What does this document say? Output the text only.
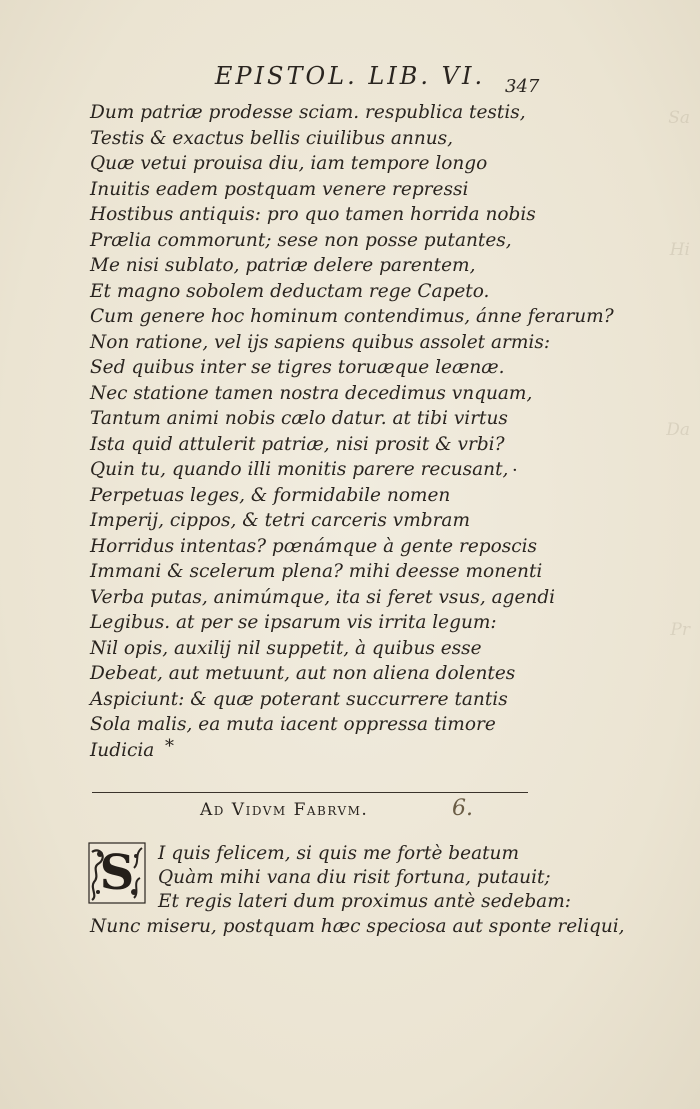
EPISTOL. LIB. VI.	347
Sa
Hi
Da
Pr
Dum patriæ prodesse sciam. respublica testis,
Testis & exactus bellis ciuilibus annus,
Quæ vetui prouisa diu, iam tempore longo
Inuitis eadem postquam venere repressi
Hostibus antiquis: pro quo tamen horrida nobis
Prælia commorunt; sese non posse putantes,
Me nisi sublato, patriæ delere parentem,
Et magno sobolem deductam rege Capeto.
Cum genere hoc hominum contendimus, ánne ferarum?
Non ratione, vel ijs sapiens quibus assolet armis:
Sed quibus inter se tigres toruæque leænæ.
Nec statione tamen nostra decedimus vnquam,
Tantum animi nobis cælo datur. at tibi virtus
Ista quid attulerit patriæ, nisi prosit & vrbi?
Quin tu, quando illi monitis parere recusant,
Perpetuas leges, & formidabile nomen
Imperij, cippos, & tetri carceris vmbram
Horridus intentas? pœnámque à gente reposcis
Immani & scelerum plena? mihi deesse monenti
Verba putas, animúmque, ita si feret vsus, agendi
Legibus. at per se ipsarum vis irrita legum:
Nil opis, auxilij nil suppetit, à quibus esse
Debeat, aut metuunt, aut non aliena dolentes
Aspiciunt: & quæ poterant succurrere tantis
Sola malis, ea muta iacent oppressa timore
Iudicia *
·
Ad Vidvm Fabrvm.	6.
S	I quis felicem, si quis me fortè beatum
Quàm mihi vana diu risit fortuna, putauit;
Et regis lateri dum proximus antè sedebam:
Nunc miseru, postquam hæc speciosa aut sponte reliqui,
